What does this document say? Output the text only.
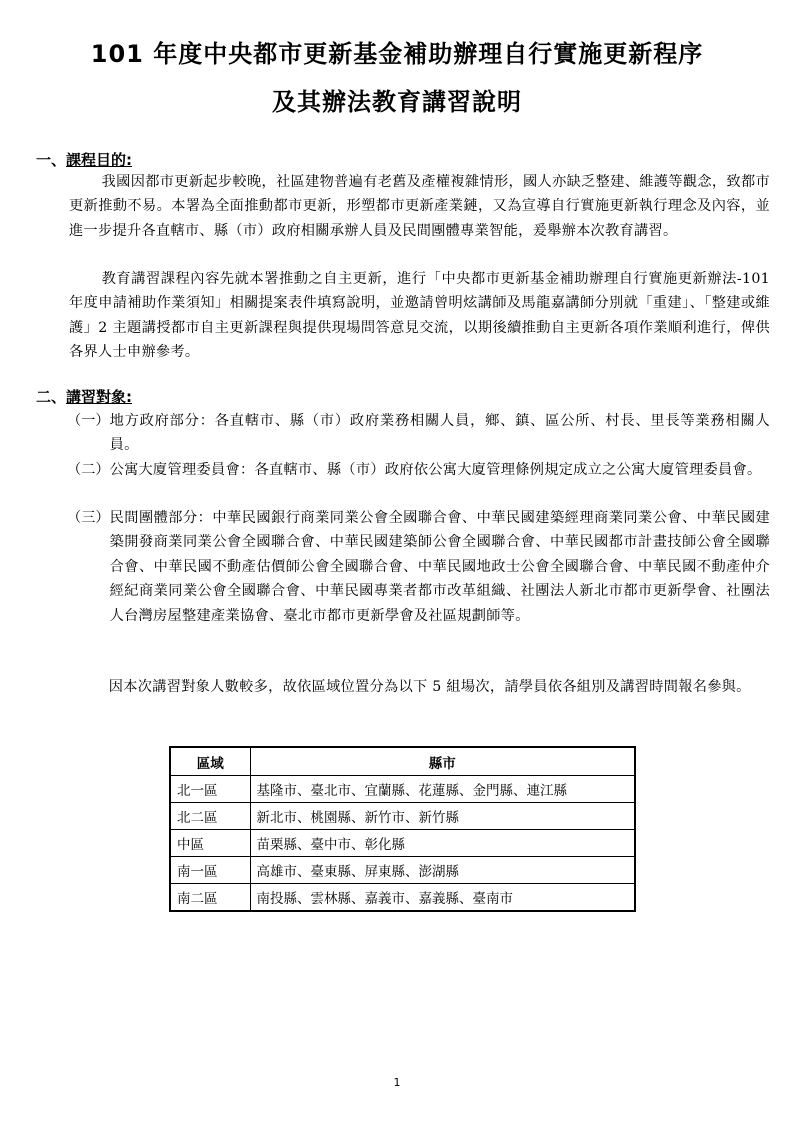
101 年度中央都市更新基金補助辦理自行實施更新程序
及其辦法教育講習說明
一、課程目的:

我國因都市更新起步較晚，社區建物普遍有老舊及產權複雜情形，國人亦缺乏整建、維護等觀念，致都市更新推動不易。本署為全面推動都市更新，形塑都市更新產業鏈，又為宣導自行實施更新執行理念及內容，並進一步提升各直轄市、縣（市）政府相關承辦人員及民間團體專業智能，爰舉辦本次教育講習。

教育講習課程內容先就本署推動之自主更新，進行「中央都市更新基金補助辦理自行實施更新辦法-101 年度申請補助作業須知」相關提案表件填寫說明，並邀請曾明炫講師及馬龍嘉講師分別就「重建」、「整建或維護」2 主題講授都市自主更新課程與提供現場問答意見交流，以期後續推動自主更新各項作業順利進行，俾供各界人士申辦參考。

二、講習對象:
（一） 地方政府部分：各直轄市、縣（市）政府業務相關人員，鄉、鎮、區公所、村長、里長等業務相關人員。
（二） 公寓大廈管理委員會：各直轄市、縣（市）政府依公寓大廈管理條例規定成立之公寓大廈管理委員會。
（三） 民間團體部分：中華民國銀行商業同業公會全國聯合會、中華民國建築經理商業同業公會、中華民國建築開發商業同業公會全國聯合會、中華民國建築師公會全國聯合會、中華民國都市計畫技師公會全國聯合會、中華民國不動產估價師公會全國聯合會、中華民國地政士公會全國聯合會、中華民國不動產仲介經紀商業同業公會全國聯合會、中華民國專業者都市改革組織、社團法人新北市都市更新學會、社團法人台灣房屋整建產業協會、臺北市都市更新學會及社區規劃師等。

因本次講習對象人數較多，故依區域位置分為以下 5 組場次，請學員依各組別及講習時間報名參與。

區域	縣市
北一區	基隆市、臺北市、宜蘭縣、花蓮縣、金門縣、連江縣
北二區	新北市、桃園縣、新竹市、新竹縣
中區	苗栗縣、臺中市、彰化縣
南一區	高雄市、臺東縣、屏東縣、澎湖縣
南二區	南投縣、雲林縣、嘉義市、嘉義縣、臺南市
1
